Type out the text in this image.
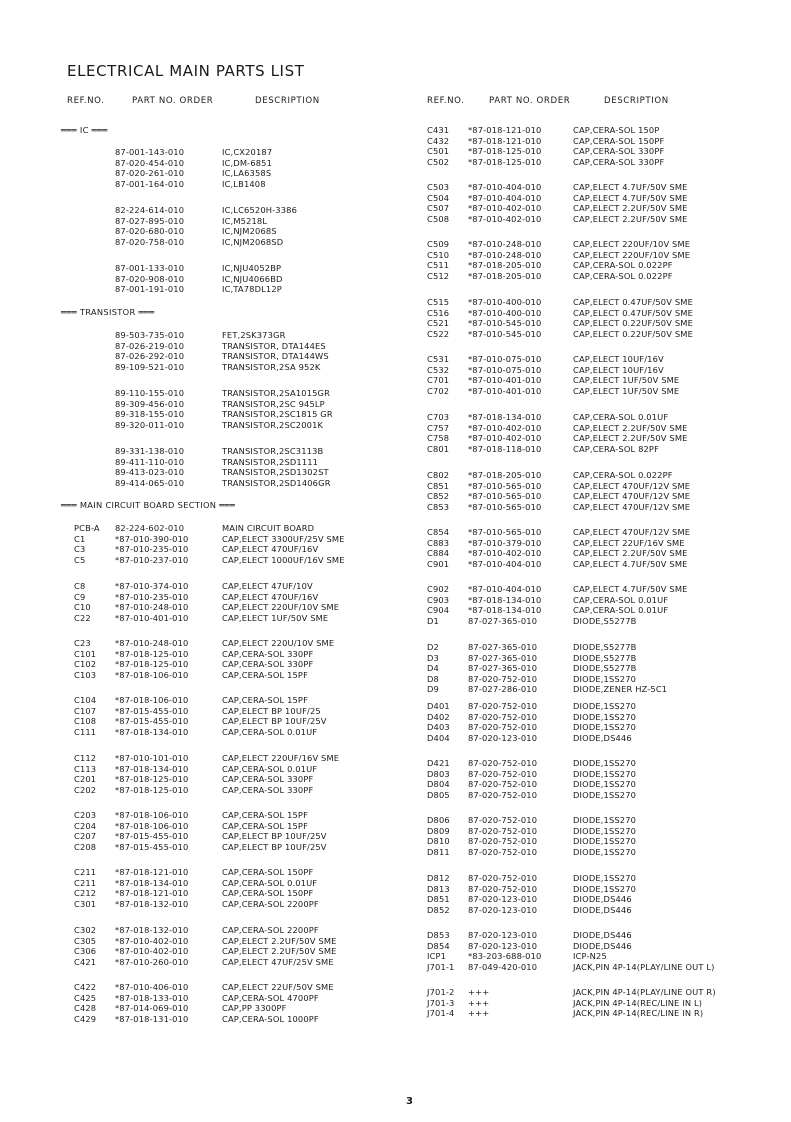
ELECTRICAL MAIN PARTS LIST
REF.NO.	PART NO. ORDER	DESCRIPTION	REF.NO.	PART NO. ORDER	DESCRIPTION
═══ IC ═══
═══ TRANSISTOR ═══
═══ MAIN CIRCUIT BOARD SECTION ═══
87-001-143-010	IC,CX20187
87-020-454-010	IC,DM-6851
87-020-261-010	IC,LA6358S
87-001-164-010	IC,LB1408
82-224-614-010	IC,LC6520H-3386
87-027-895-010	IC,M5218L
87-020-680-010	IC,NJM2068S
87-020-758-010	IC,NJM2068SD
87-001-133-010	IC,NJU4052BP
87-020-908-010	IC,NJU4066BD
87-001-191-010	IC,TA78DL12P
89-503-735-010	FET,2SK373GR
87-026-219-010	TRANSISTOR, DTA144ES
87-026-292-010	TRANSISTOR, DTA144WS
89-109-521-010	TRANSISTOR,2SA 952K
89-110-155-010	TRANSISTOR,2SA1015GR
89-309-456-010	TRANSISTOR,2SC 945LP
89-318-155-010	TRANSISTOR,2SC1815 GR
89-320-011-010	TRANSISTOR,2SC2001K
89-331-138-010	TRANSISTOR,2SC3113B
89-411-110-010	TRANSISTOR,2SD1111
89-413-023-010	TRANSISTOR,2SD1302ST
89-414-065-010	TRANSISTOR,2SD1406GR
PCB-A 82-224-602-010	MAIN CIRCUIT BOARD
C1	*87-010-390-010	CAP,ELECT 3300UF/25V SME
C3	*87-010-235-010	CAP,ELECT 470UF/16V
C5	*87-010-237-010	CAP,ELECT 1000UF/16V SME
C8	*87-010-374-010	CAP,ELECT 47UF/10V
C9	*87-010-235-010	CAP,ELECT 470UF/16V
C10	*87-010-248-010	CAP,ELECT 220UF/10V SME
C22	*87-010-401-010	CAP,ELECT 1UF/50V SME
C23	*87-010-248-010	CAP,ELECT 220U/10V SME
C101 *87-018-125-010	CAP,CERA-SOL 330PF
C102 *87-018-125-010	CAP,CERA-SOL 330PF
C103 *87-018-106-010	CAP,CERA-SOL 15PF
C104 *87-018-106-010	CAP,CERA-SOL 15PF
C107 *87-015-455-010	CAP,ELECT BP 10UF/25
C108 *87-015-455-010	CAP,ELECT BP 10UF/25V
C111 *87-018-134-010	CAP,CERA-SOL 0.01UF
C112 *87-010-101-010	CAP,ELECT 220UF/16V SME
C113 *87-018-134-010	CAP,CERA-SOL 0.01UF
C201 *87-018-125-010	CAP,CERA-SOL 330PF
C202 *87-018-125-010	CAP,CERA-SOL 330PF
C203 *87-018-106-010	CAP,CERA-SOL 15PF
C204 *87-018-106-010	CAP,CERA-SOL 15PF
C207 *87-015-455-010	CAP,ELECT BP 10UF/25V
C208 *87-015-455-010	CAP,ELECT BP 10UF/25V
C211 *87-018-121-010	CAP,CERA-SOL 150PF
C211 *87-018-134-010	CAP,CERA-SOL 0.01UF
C212 *87-018-121-010	CAP,CERA-SOL 150PF
C301 *87-018-132-010	CAP,CERA-SOL 2200PF
C302 *87-018-132-010	CAP,CERA-SOL 2200PF
C305 *87-010-402-010	CAP,ELECT 2.2UF/50V SME
C306 *87-010-402-010	CAP,ELECT 2.2UF/50V SME
C421 *87-010-260-010	CAP,ELECT 47UF/25V SME
C422 *87-010-406-010	CAP,ELECT 22UF/50V SME
C425 *87-018-133-010	CAP,CERA-SOL 4700PF
C428 *87-014-069-010	CAP,PP 3300PF
C429 *87-018-131-010	CAP,CERA-SOL 1000PF
C431 *87-018-121-010	CAP,CERA-SOL 150P
C432 *87-018-121-010	CAP,CERA-SOL 150PF
C501 *87-018-125-010	CAP,CERA-SOL 330PF
C502 *87-018-125-010	CAP,CERA-SOL 330PF
C503 *87-010-404-010	CAP,ELECT 4.7UF/50V SME
C504 *87-010-404-010	CAP,ELECT 4.7UF/50V SME
C507 *87-010-402-010	CAP,ELECT 2.2UF/50V SME
C508 *87-010-402-010	CAP,ELECT 2.2UF/50V SME
C509 *87-010-248-010	CAP,ELECT 220UF/10V SME
C510 *87-010-248-010	CAP,ELECT 220UF/10V SME
C511 *87-018-205-010	CAP,CERA-SOL 0.022PF
C512 *87-018-205-010	CAP,CERA-SOL 0.022PF
C515 *87-010-400-010	CAP,ELECT 0.47UF/50V SME
C516 *87-010-400-010	CAP,ELECT 0.47UF/50V SME
C521 *87-010-545-010	CAP,ELECT 0.22UF/50V SME
C522 *87-010-545-010	CAP,ELECT 0.22UF/50V SME
C531 *87-010-075-010	CAP,ELECT 10UF/16V
C532 *87-010-075-010	CAP,ELECT 10UF/16V
C701 *87-010-401-010	CAP,ELECT 1UF/50V SME
C702 *87-010-401-010	CAP,ELECT 1UF/50V SME
C703 *87-018-134-010	CAP,CERA-SOL 0.01UF
C757 *87-010-402-010	CAP,ELECT 2.2UF/50V SME
C758 *87-010-402-010	CAP,ELECT 2.2UF/50V SME
C801 *87-018-118-010	CAP,CERA-SOL 82PF
C802 *87-018-205-010	CAP,CERA-SOL 0.022PF
C851 *87-010-565-010	CAP,ELECT 470UF/12V SME
C852 *87-010-565-010	CAP,ELECT 470UF/12V SME
C853 *87-010-565-010	CAP,ELECT 470UF/12V SME
C854 *87-010-565-010	CAP,ELECT 470UF/12V SME
C883 *87-010-379-010	CAP,ELECT 22UF/16V SME
C884 *87-010-402-010	CAP,ELECT 2.2UF/50V SME
C901 *87-010-404-010	CAP,ELECT 4.7UF/50V SME
C902 *87-010-404-010	CAP,ELECT 4.7UF/50V SME
C903 *87-018-134-010	CAP,CERA-SOL 0.01UF
C904 *87-018-134-010	CAP,CERA-SOL 0.01UF
D1	87-027-365-010	DIODE,S5277B
D2	87-027-365-010	DIODE,S5277B
D3	87-027-365-010	DIODE,S5277B
D4	87-027-365-010	DIODE,S5277B
D8	87-020-752-010	DIODE,1SS270
D9	87-027-286-010	DIODE,ZENER HZ-5C1
D401 87-020-752-010	DIODE,1SS270
D402 87-020-752-010	DIODE,1SS270
D403 87-020-752-010	DIODE,1SS270
D404 87-020-123-010	DIODE,DS446
D421 87-020-752-010	DIODE,1SS270
D803 87-020-752-010	DIODE,1SS270
D804 87-020-752-010	DIODE,1SS270
D805 87-020-752-010	DIODE,1SS270
D806 87-020-752-010	DIODE,1SS270
D809 87-020-752-010	DIODE,1SS270
D810 87-020-752-010	DIODE,1SS270
D811 87-020-752-010	DIODE,1SS270
D812 87-020-752-010	DIODE,1SS270
D813 87-020-752-010	DIODE,1SS270
D851 87-020-123-010	DIODE,DS446
D852 87-020-123-010	DIODE,DS446
D853 87-020-123-010	DIODE,DS446
D854 87-020-123-010	DIODE,DS446
ICP1	*83-203-688-010	ICP-N25
J701-1 87-049-420-010	JACK,PIN 4P-14(PLAY/LINE OUT L)
J701-2 +++	JACK,PIN 4P-14(PLAY/LINE OUT R)
J701-3 +++	JACK,PIN 4P-14(REC/LINE IN L)
J701-4 +++	JACK,PIN 4P-14(REC/LINE IN R)
3
